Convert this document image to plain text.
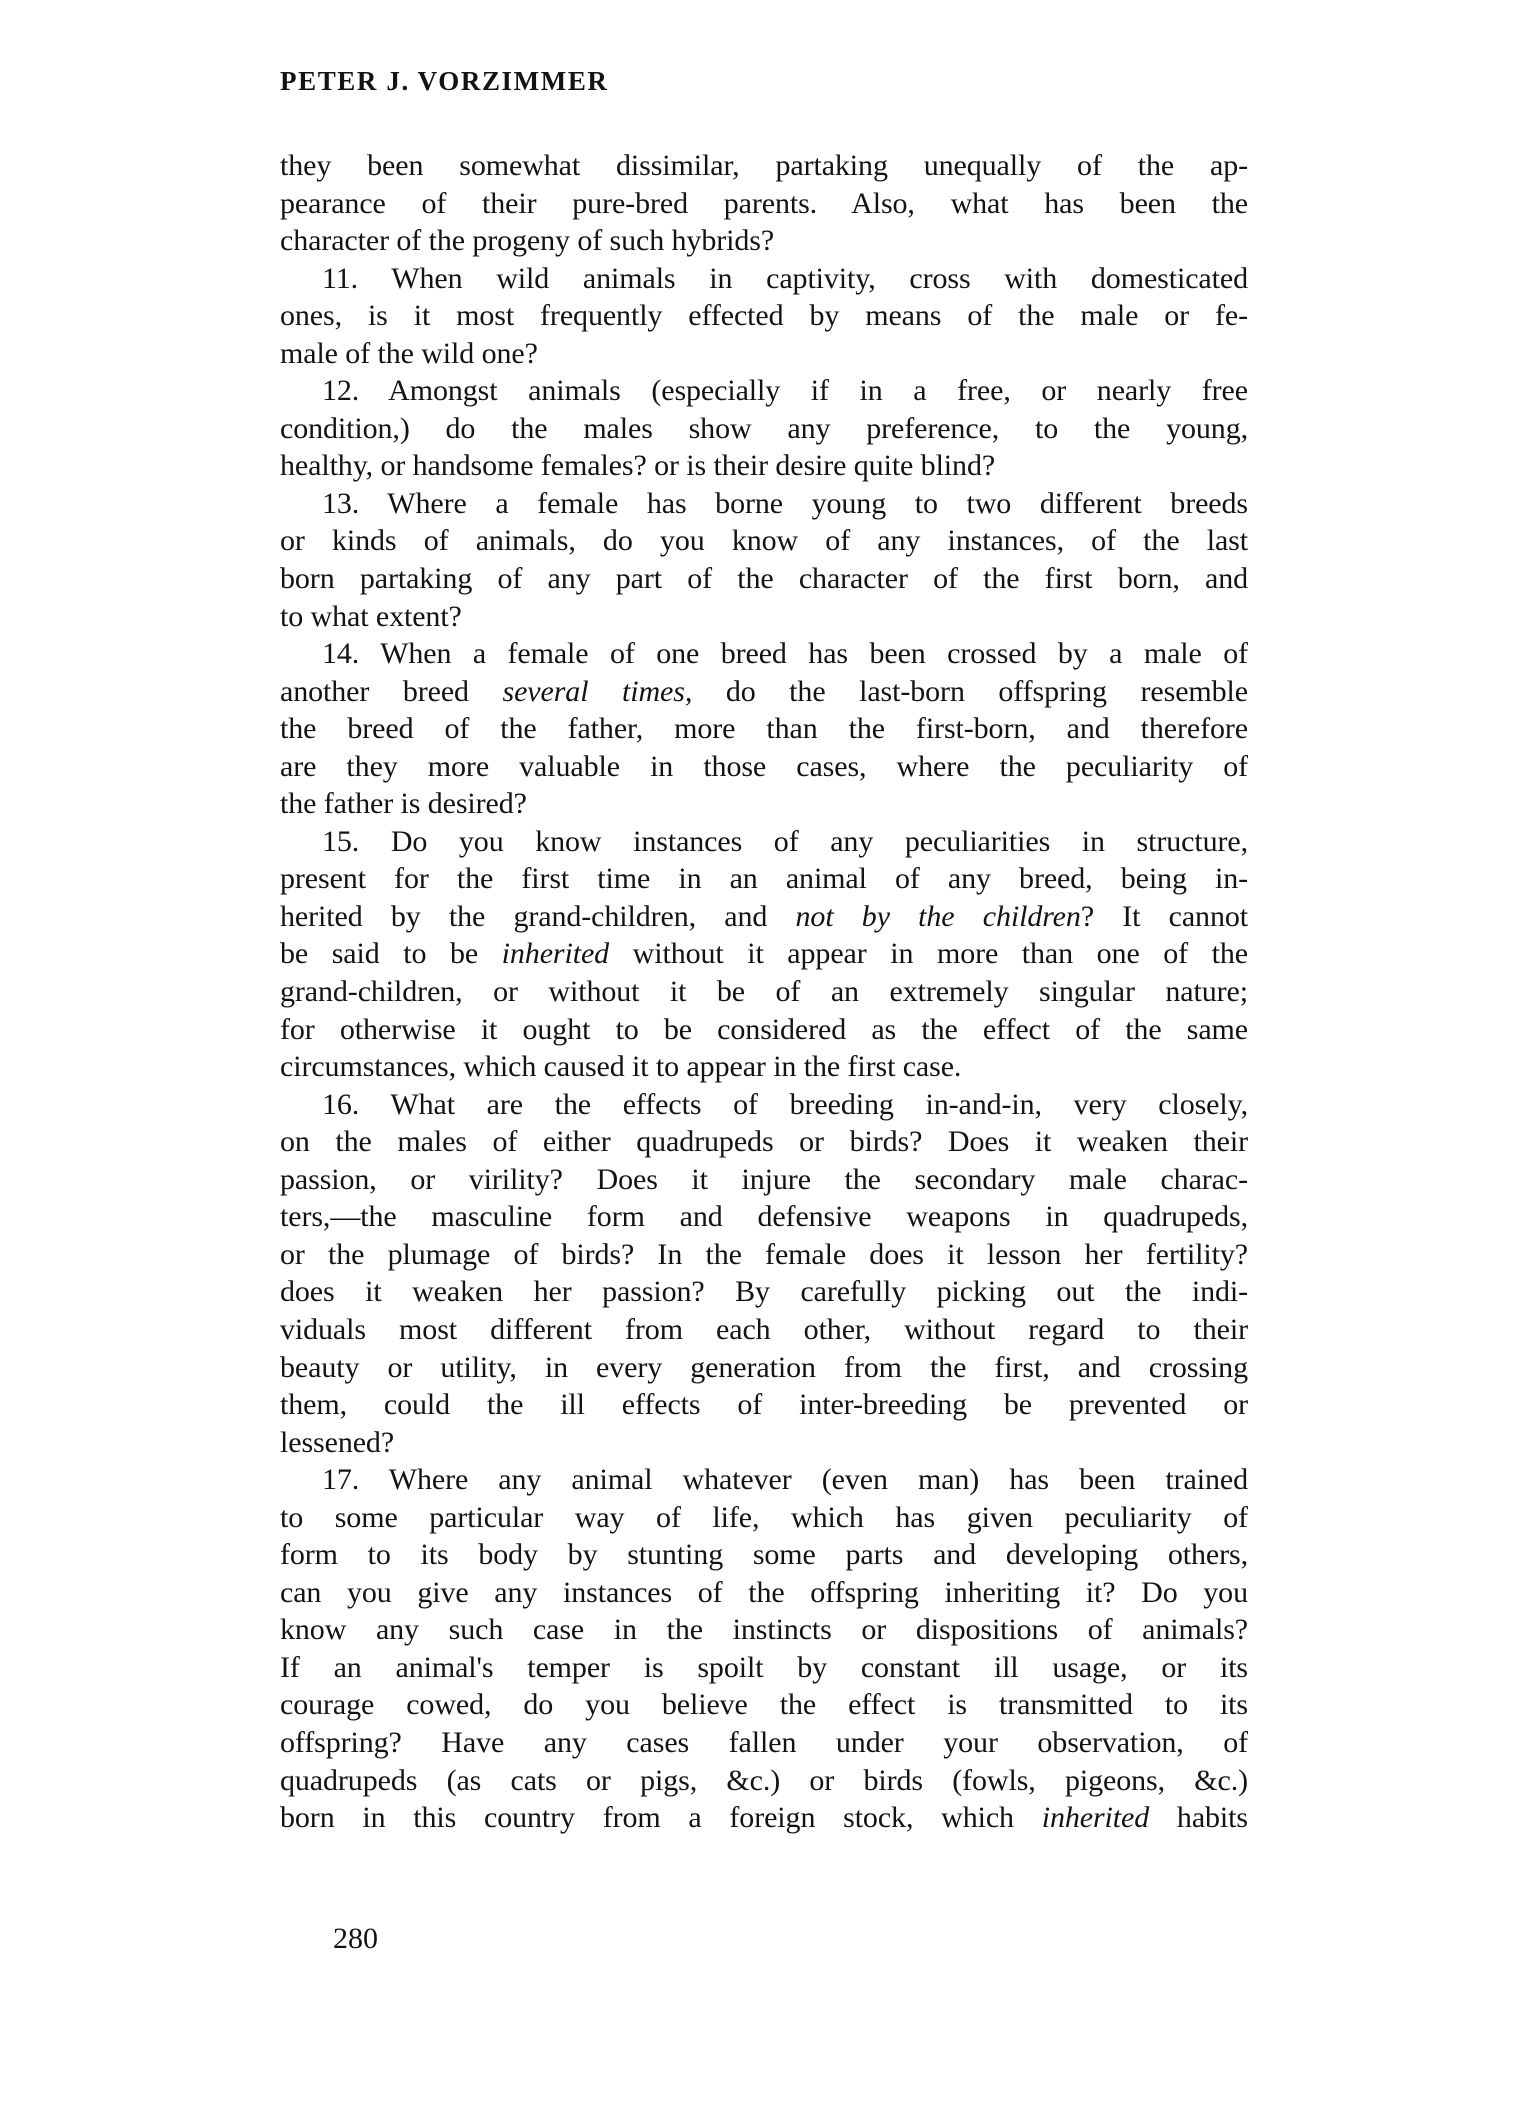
PETER J. VORZIMMER
they been somewhat dissimilar, partaking unequally of the ap-
pearance of their pure-bred parents. Also, what has been the
character of the progeny of such hybrids?
11. When wild animals in captivity, cross with domesticated
ones, is it most frequently effected by means of the male or fe-
male of the wild one?
12. Amongst animals (especially if in a free, or nearly free
condition,) do the males show any preference, to the young,
healthy, or handsome females? or is their desire quite blind?
13. Where a female has borne young to two different breeds
or kinds of animals, do you know of any instances, of the last
born partaking of any part of the character of the first born, and
to what extent?
14. When a female of one breed has been crossed by a male of
another breed several times, do the last-born offspring resemble
the breed of the father, more than the first-born, and therefore
are they more valuable in those cases, where the peculiarity of
the father is desired?
15. Do you know instances of any peculiarities in structure,
present for the first time in an animal of any breed, being in-
herited by the grand-children, and not by the children? It cannot
be said to be inherited without it appear in more than one of the
grand-children, or without it be of an extremely singular nature;
for otherwise it ought to be considered as the effect of the same
circumstances, which caused it to appear in the first case.
16. What are the effects of breeding in-and-in, very closely,
on the males of either quadrupeds or birds? Does it weaken their
passion, or virility? Does it injure the secondary male charac-
ters,—the masculine form and defensive weapons in quadrupeds,
or the plumage of birds? In the female does it lesson her fertility?
does it weaken her passion? By carefully picking out the indi-
viduals most different from each other, without regard to their
beauty or utility, in every generation from the first, and crossing
them, could the ill effects of inter-breeding be prevented or
lessened?
17. Where any animal whatever (even man) has been trained
to some particular way of life, which has given peculiarity of
form to its body by stunting some parts and developing others,
can you give any instances of the offspring inheriting it? Do you
know any such case in the instincts or dispositions of animals?
If an animal's temper is spoilt by constant ill usage, or its
courage cowed, do you believe the effect is transmitted to its
offspring? Have any cases fallen under your observation, of
quadrupeds (as cats or pigs, &c.) or birds (fowls, pigeons, &c.)
born in this country from a foreign stock, which inherited habits
280
